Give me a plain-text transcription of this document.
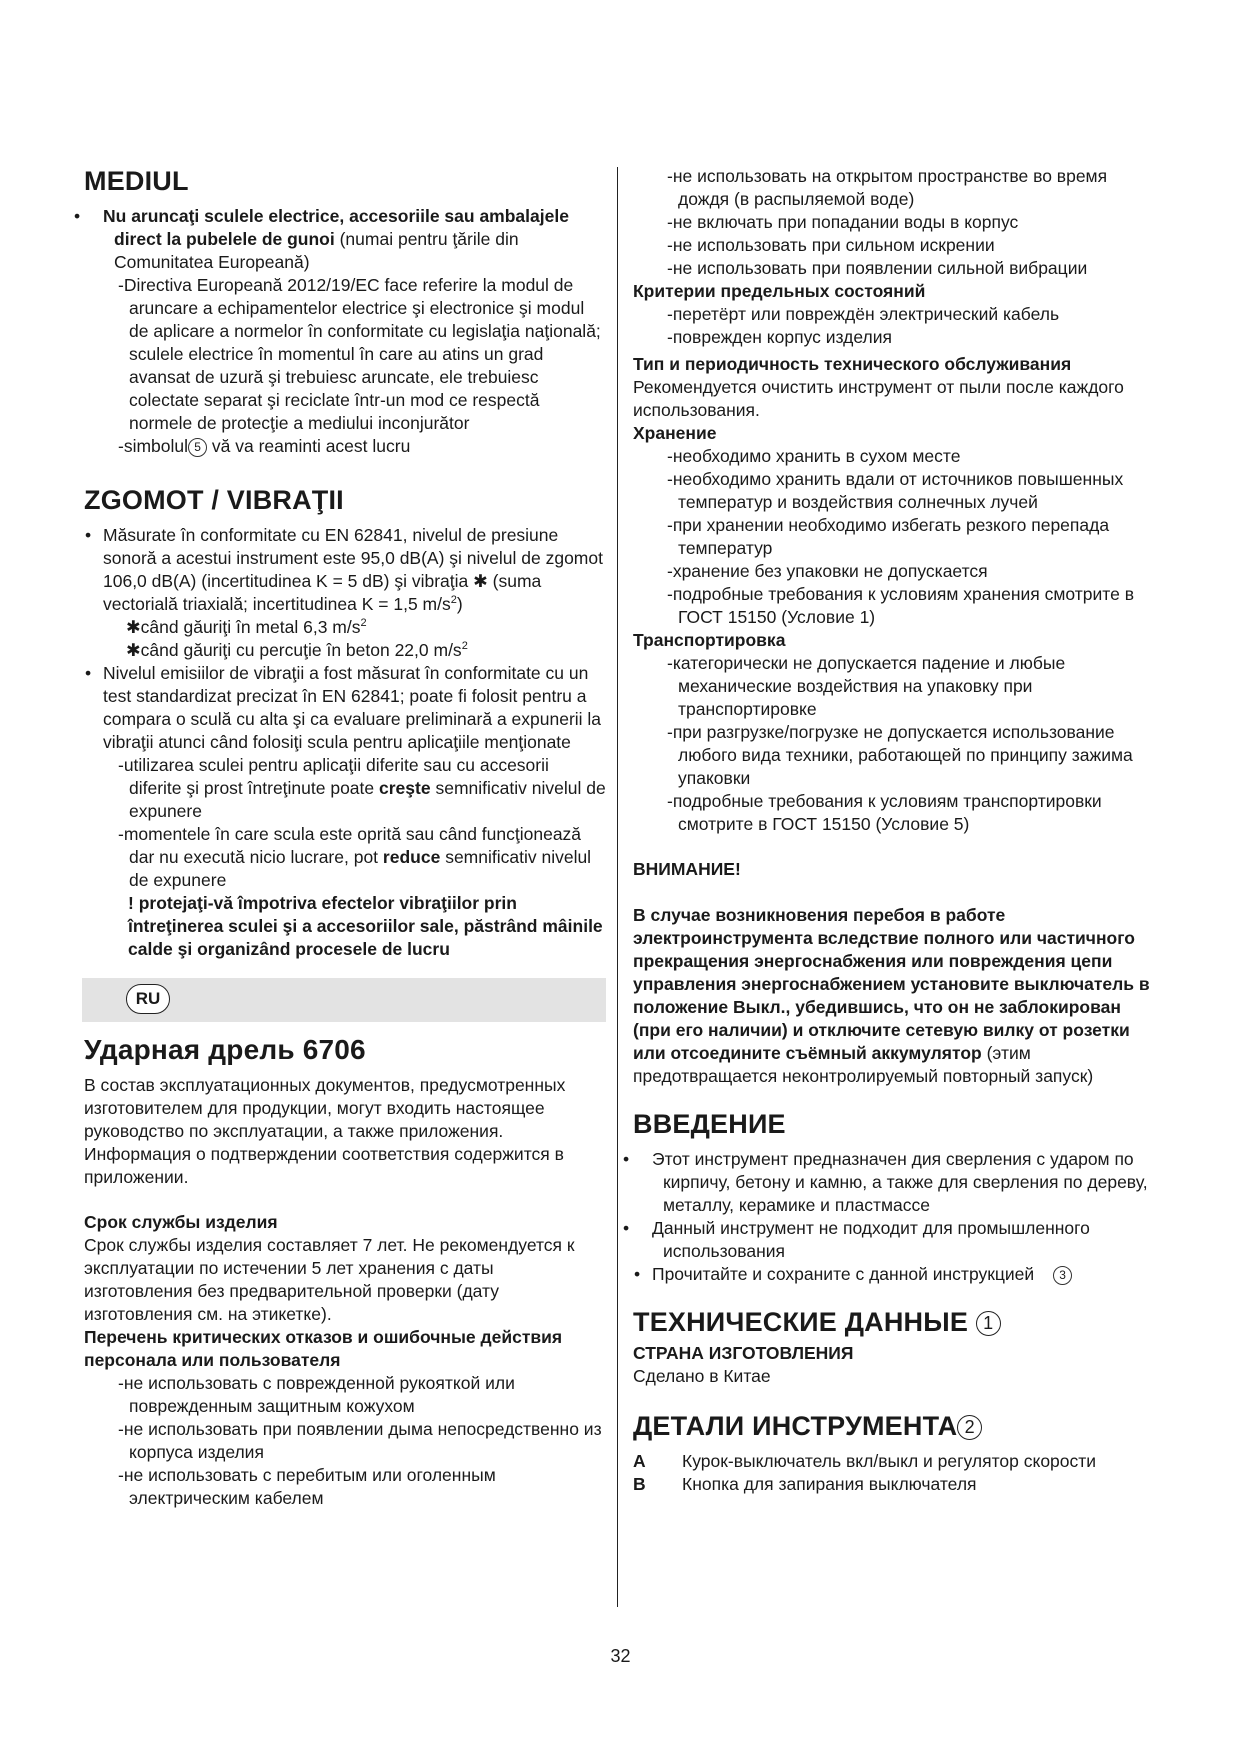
MEDIUL
• Nu aruncaţi sculele electrice, accesoriile sau ambalajele direct la pubelele de gunoi (numai pentru ţările din Comunitatea Europeană)

-Directiva Europeană 2012/19/EC face referire la modul de aruncare a echipamentelor electrice şi electronice şi modul de aplicare a normelor în conformitate cu legislaţia naţională; sculele electrice în momentul în care au atins un grad avansat de uzură şi trebuiesc aruncate, ele trebuiesc colectate separat şi reciclate într-un mod ce respectă normele de protecţie a mediului inconjurător

-simbolul 5 vă va reaminti acest lucru

ZGOMOT / VIBRAŢII
• Măsurate în conformitate cu EN 62841, nivelul de presiune sonoră a acestui instrument este 95,0 dB(A) şi nivelul de zgomot 106,0 dB(A) (incertitudinea K = 5 dB) şi vibraţia ✱ (suma vectorială triaxială; incertitudinea K = 1,5 $m/s^2$)

✱când găuriţi în metal 6,3 $m/s^2$

✱când găuriţi cu percuţie în beton 22,0 $m/s^2$

• Nivelul emisiilor de vibraţii a fost măsurat în conformitate cu un test standardizat precizat în EN 62841; poate fi folosit pentru a compara o sculă cu alta şi ca evaluare preliminară a expunerii la vibraţii atunci când folosiţi scula pentru aplicaţiile menţionate

-utilizarea sculei pentru aplicaţii diferite sau cu accesorii diferite şi prost întreţinute poate creşte semnificativ nivelul de expunere

-momentele în care scula este oprită sau când funcţionează dar nu execută nicio lucrare, pot reduce semnificativ nivelul de expunere

! protejaţi-vă împotriva efectelor vibraţiilor prin întreţinerea sculei şi a accesoriilor sale, păstrând mâinile calde şi organizând procesele de lucru

RU
Ударная дрель 6706

В состав эксплуатационных документов, предусмотренных изготовителем для продукции, могут входить настоящее руководство по эксплуатации, а также приложения.

Информация о подтверждении соответствия содержится в приложении.

Срок службы изделия

Срок службы изделия составляет 7 лет. Не рекомендуется к эксплуатации по истечении 5 лет хранения с даты изготовления без предварительной проверки (дату изготовления см. на этикетке).

Перечень критических отказов и ошибочные действия персонала или пользователя

-не использовать с поврежденной рукояткой или поврежденным защитным кожухом

-не использовать при появлении дыма непосредственно из корпуса изделия

-не использовать с перебитым или оголенным электрическим кабелем

-не использовать на открытом пространстве во время дождя (в распыляемой воде)

-не включать при попадании воды в корпус

-не использовать при сильном искрении

-не использовать при появлении сильной вибрации

Критерии предельных состояний

-перетёрт или повреждён электрический кабель

-поврежден корпус изделия

Тип и периодичность технического обслуживания

Рекомендуется очистить инструмент от пыли после каждого использования.

Хранение

-необходимо хранить в сухом месте

-необходимо хранить вдали от источников повышенных температур и воздействия солнечных лучей

-при хранении необходимо избегать резкого перепада температур

-хранение без упаковки не допускается

-подробные требования к условиям хранения смотрите в ГОСТ 15150 (Условие 1)

Транспортировка

-категорически не допускается падение и любые механические воздействия на упаковку при транспортировке

-при разгрузке/погрузке не допускается использование любого вида техники, работающей по принципу зажима упаковки

-подробные требования к условиям транспортировки смотрите в ГОСТ 15150 (Условие 5)

ВНИМАНИЕ!

В случае возникновения перебоя в работе электроинструмента вследствие полного или частичного прекращения энергоснабжения или повреждения цепи управления энергоснабжением установите выключатель в положение Выкл., убедившись, что он не заблокирован (при его наличии) и отключите сетевую вилку от розетки или отсоедините съёмный аккумулятор (этим предотвращается неконтролируемый повторный запуск)

ВВЕДЕНИЕ
• Этот инструмент предназначен дия сверления с ударом по кирпичу, бетону и камню, а также для сверления по дереву, металлу, керамике и пластмассе
• Данный инструмент не подходит для промышленного использования
• Прочитайте и сохраните с данной инструкцией 3
ТЕХНИЧЕСКИЕ ДАННЫЕ 1

СТРАНА ИЗГОТОВЛЕНИЯ

Сделано в Китае

ДЕТАЛИ ИНСТРУМЕНТА 2
A	Курок-выключатель вкл/выкл и регулятор скорости
B	Кнопка для запирания выключателя
32
